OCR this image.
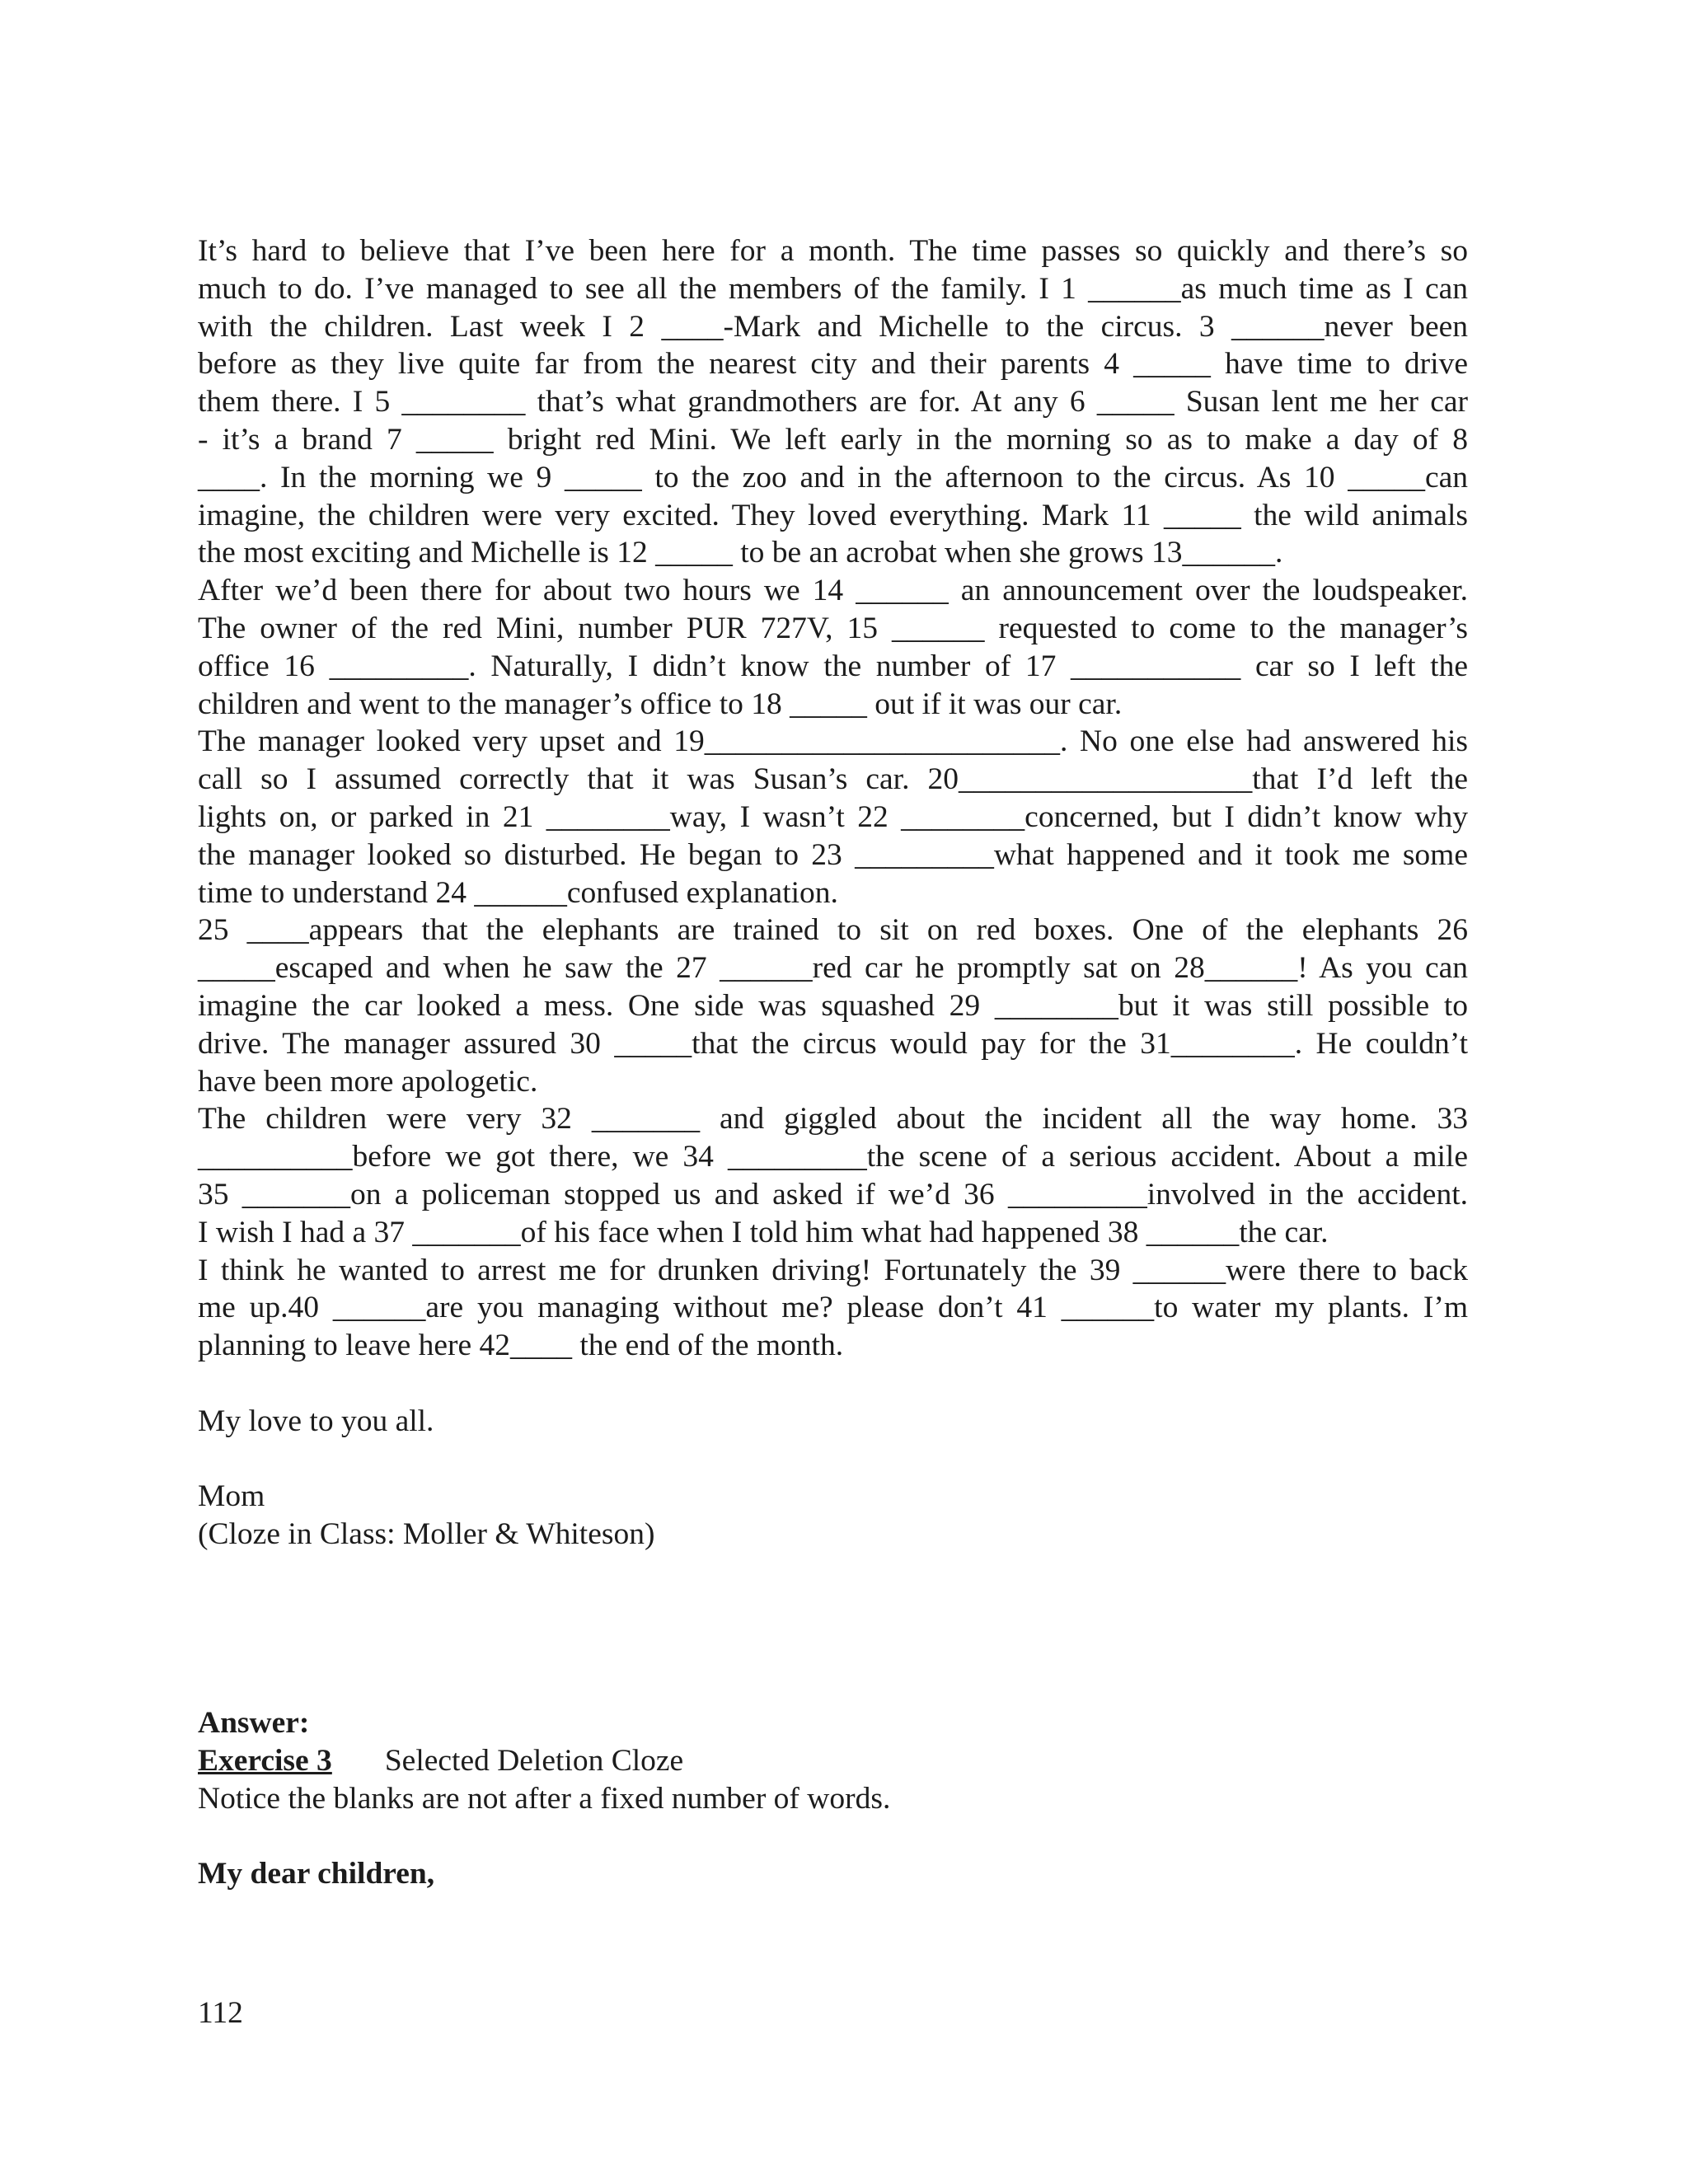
It’s hard to believe that I’ve been here for a month. The time passes so quickly and there’s so
much to do. I’ve managed to see all the members of the family. I 1 ______as much time as I can
with the children. Last week I 2 ____-Mark and Michelle to the circus. 3 ______never been
before as they live quite far from the nearest city and their parents 4 _____ have time to drive
them there. I 5 ________ that’s what grandmothers are for. At any 6 _____ Susan lent me her car
- it’s a brand 7 _____ bright red Mini. We left early in the morning so as to make a day of 8
____. In the morning we 9 _____ to the zoo and in the afternoon to the circus. As 10 _____can
imagine, the children were very excited. They loved everything. Mark 11 _____ the wild animals
the most exciting and Michelle is 12 _____ to be an acrobat when she grows 13______.
After we’d been there for about two hours we 14 ______ an announcement over the loudspeaker.
The owner of the red Mini, number PUR 727V, 15 ______ requested to come to the manager’s
office 16 _________. Naturally, I didn’t know the number of 17 ___________ car so I left the
children and went to the manager’s office to 18 _____ out if it was our car.
The manager looked very upset and 19_______________________. No one else had answered his
call so I assumed correctly that it was Susan’s car. 20___________________that I’d left the
lights on, or parked in 21 ________way, I wasn’t 22 ________concerned, but I didn’t know why
the manager looked so disturbed. He began to 23 _________what happened and it took me some
time to understand 24 ______confused explanation.
25 ____appears that the elephants are trained to sit on red boxes. One of the elephants 26
_____escaped and when he saw the 27 ______red car he promptly sat on 28______! As you can
imagine the car looked a mess. One side was squashed 29 ________but it was still possible to
drive. The manager assured 30 _____that the circus would pay for the 31________. He couldn’t
have been more apologetic.
The children were very 32 _______ and giggled about the incident all the way home. 33
__________before we got there, we 34 _________the scene of a serious accident. About a mile
35 _______on a policeman stopped us and asked if we’d 36 _________involved in the accident.
I wish I had a 37 _______of his face when I told him what had happened 38 ______the car.
I think he wanted to arrest me for drunken driving! Fortunately the 39 ______were there to back
me up.40 ______are you managing without me? please don’t 41 ______to water my plants. I’m
planning to leave here 42____ the end of the month.

My love to you all.

Mom

(Cloze in Class: Moller & Whiteson)

Answer:

Exercise 3 Selected Deletion Cloze

Notice the blanks are not after a fixed number of words.

My dear children,

112
